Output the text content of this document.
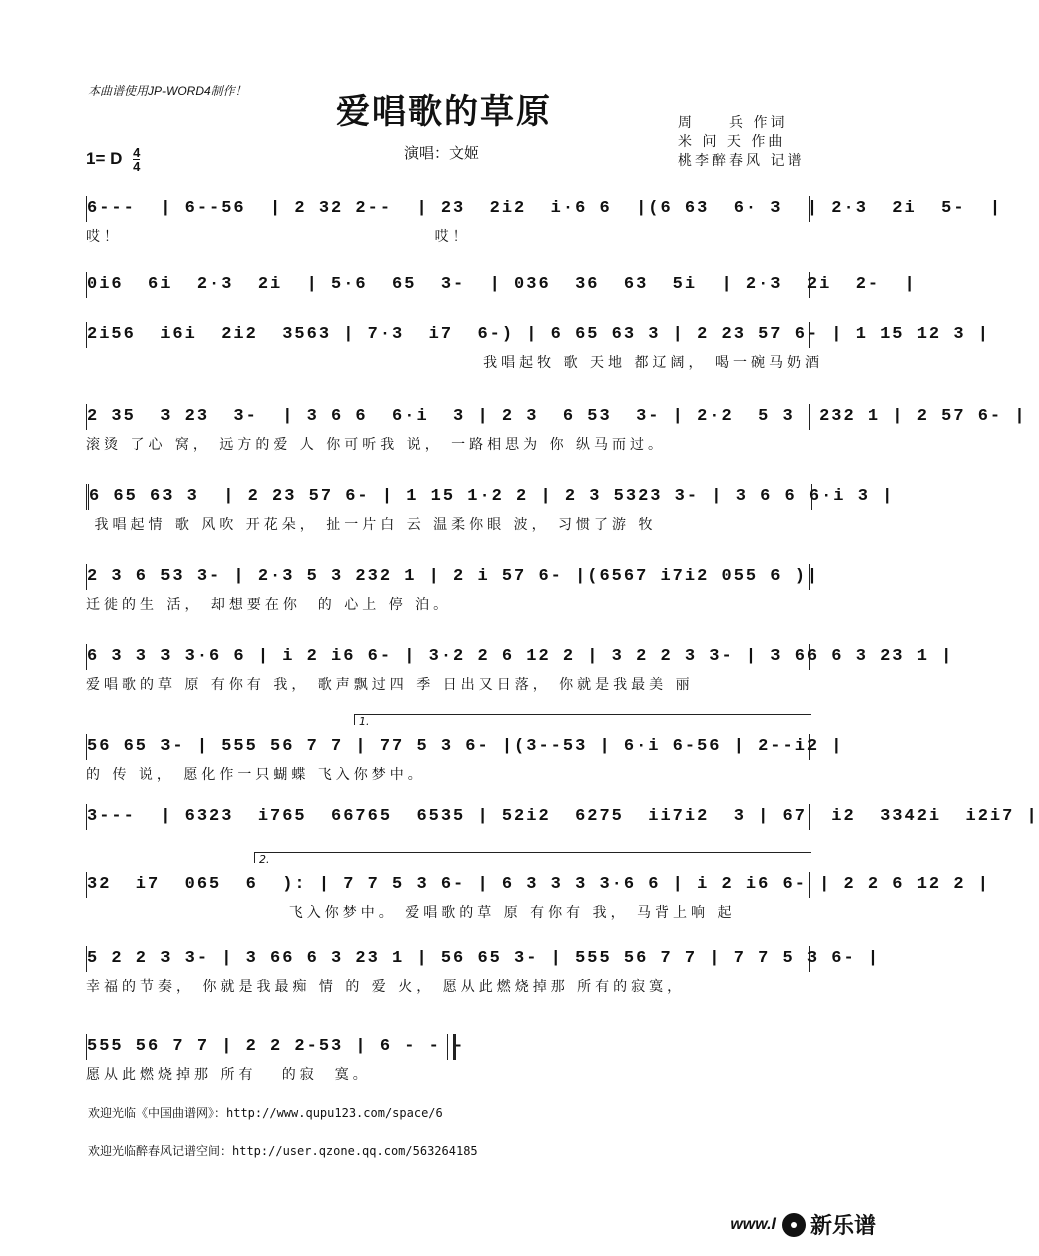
本曲谱使用JP-WORD4制作！
爱唱歌的草原	周　　兵 作词
米 问 天 作曲
桃李醉春风 记谱
1= D $\frac{4}{4}$	演唱：文姬
6---  | 6--56  | 2 32 2--  | 23  2i2  i·6 6  |(6 63  6· 3  | 2·3  2i  5-  |
哎！                                     哎！
0i6  6i  2·3  2i  | 5·6  65  3-  | 036  36  63  5i  | 2·3  2i  2-  |
2i56  i6i  2i2  3563 | 7·3  i7  6-) | 6 65 63 3 | 2 23 57 6- | 1 15 12 3 |
我唱起牧 歌 天地 都辽阔， 喝一碗马奶酒
2 35  3 23  3-  | 3 6 6  6·i  3 | 2 3  6 53  3- | 2·2  5 3  232 1 | 2 57 6- |
滚烫 了心 窝， 远方的爱 人 你可听我 说， 一路相思为 你 纵马而过。
6 65 63 3  | 2 23 57 6- | 1 15 1·2 2 | 2 3 5323 3- | 3 6 6 6·i 3 |
我唱起情 歌 风吹 开花朵， 扯一片白 云 温柔你眼 波， 习惯了游 牧
2 3 6 53 3- | 2·3 5 3 232 1 | 2 i 57 6- |(6567 i7i2 055 6 )|
迁徙的生 活， 却想要在你  的 心上 停 泊。
6 3 3 3 3·6 6 | i 2 i6 6- | 3·2 2 6 12 2 | 3 2 2 3 3- | 3 66 6 3 23 1 |
爱唱歌的草 原 有你有 我， 歌声飘过四 季 日出又日落， 你就是我最美 丽
1.
56 65 3- | 555 56 7 7 | 77 5 3 6- |(3--53 | 6·i 6-56 | 2--i2 |
的 传 说， 愿化作一只蝴蝶 飞入你梦中。
3---  | 6323  i765  66765  6535 | 52i2  6275  ii7i2  3 | 67  i2  3342i  i2i7 |
2.
32  i7  065  6  ): | 7 7 5 3 6- | 6 3 3 3 3·6 6 | i 2 i6 6- | 2 2 6 12 2 |
飞入你梦中。 爱唱歌的草 原 有你有 我， 马背上响 起
5 2 2 3 3- | 3 66 6 3 23 1 | 56 65 3- | 555 56 7 7 | 7 7 5 3 6- |
幸福的节奏， 你就是我最痴 情 的 爱 火， 愿从此燃烧掉那 所有的寂寞，
555 56 7 7 | 2 2 2-53 | 6 - - -
愿从此燃烧掉那 所有   的寂  寞。
欢迎光临《中国曲谱网》：http://www.qupu123.com/space/6
欢迎光临醉春风记谱空间：http://user.qzone.qq.com/563264185
www.l 新乐谱
